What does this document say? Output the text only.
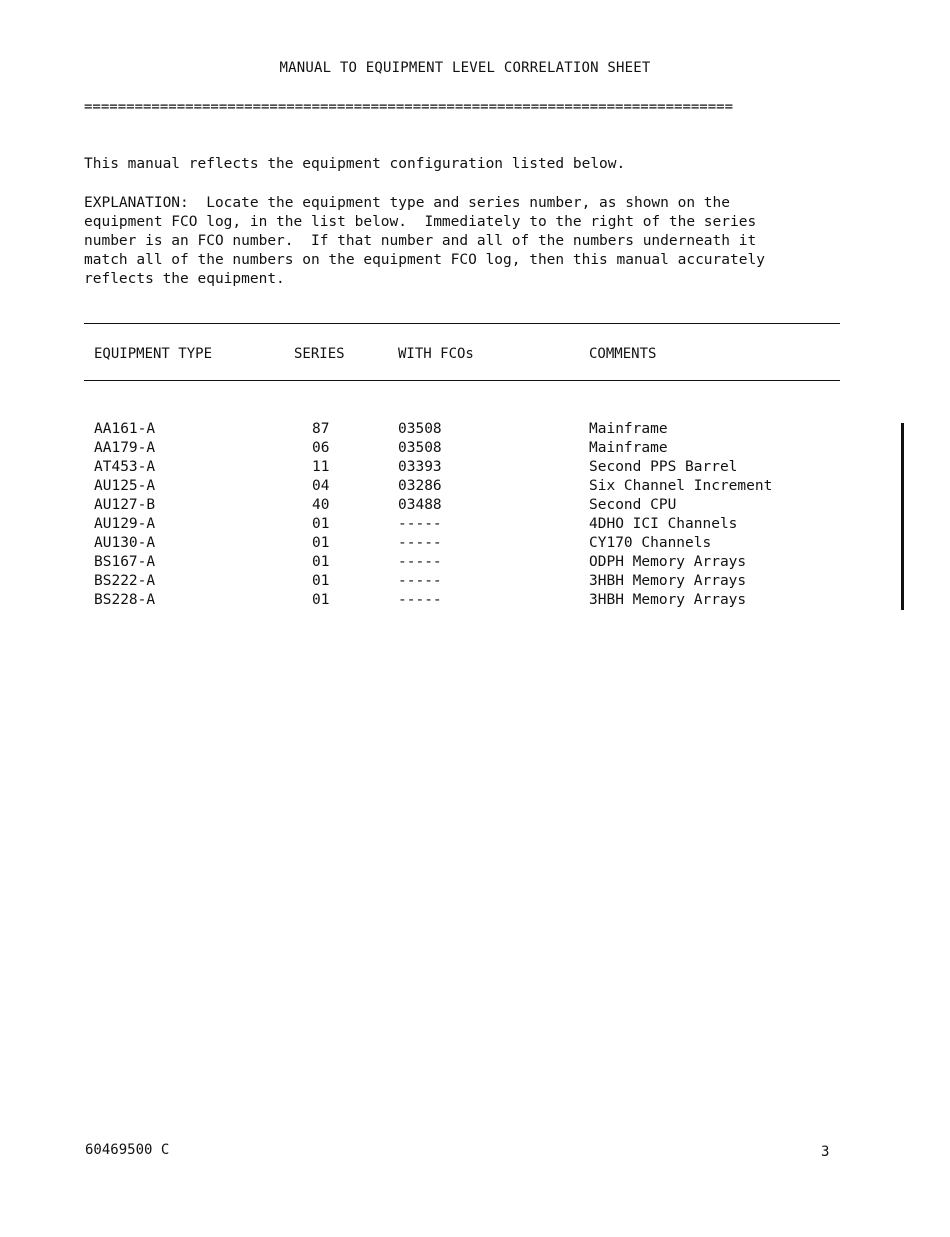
MANUAL TO EQUIPMENT LEVEL CORRELATION SHEET
=============================================================================
This manual reflects the equipment configuration listed below.
EXPLANATION:  Locate the equipment type and series number, as shown on the
equipment FCO log, in the list below.  Immediately to the right of the series
number is an FCO number.  If that number and all of the numbers underneath it
match all of the numbers on the equipment FCO log, then this manual accurately
reflects the equipment.
EQUIPMENT TYPE	SERIES	WITH FCOs	COMMENTS
AA161-A	87	03508	Mainframe
AA179-A	06	03508	Mainframe
AT453-A	11	03393	Second PPS Barrel
AU125-A	04	03286	Six Channel Increment
AU127-B	40	03488	Second CPU
AU129-A	01	-----	4DHO ICI Channels
AU130-A	01	-----	CY170 Channels
BS167-A	01	-----	ODPH Memory Arrays
BS222-A	01	-----	3HBH Memory Arrays
BS228-A	01	-----	3HBH Memory Arrays
60469500 C	3
